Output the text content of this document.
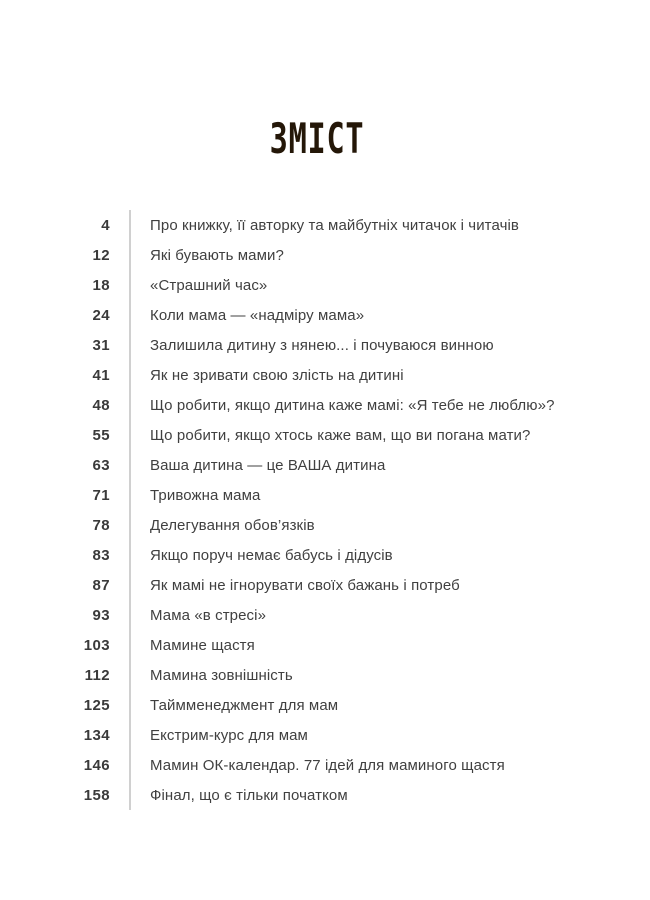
ЗМІСТ
4	Про книжку, її авторку та майбутніх читачок і читачів
12	Які бувають мами?
18	«Страшний час»
24	Коли мама — «надміру мама»
31	Залишила дитину з нянею... і почуваюся винною
41	Як не зривати свою злість на дитині
48	Що робити, якщо дитина каже мамі: «Я тебе не люблю»?
55	Що робити, якщо хтось каже вам, що ви погана мати?
63	Ваша дитина — це ВАША дитина
71	Тривожна мама
78	Делегування обов’язків
83	Якщо поруч немає бабусь і дідусів
87	Як мамі не ігнорувати своїх бажань і потреб
93	Мама «в стресі»
103	Мамине щастя
112	Мамина зовнішність
125	Таймменеджмент для мам
134	Екстрим-курс для мам
146	Мамин ОК-календар. 77 ідей для маминого щастя
158	Фінал, що є тільки початком
